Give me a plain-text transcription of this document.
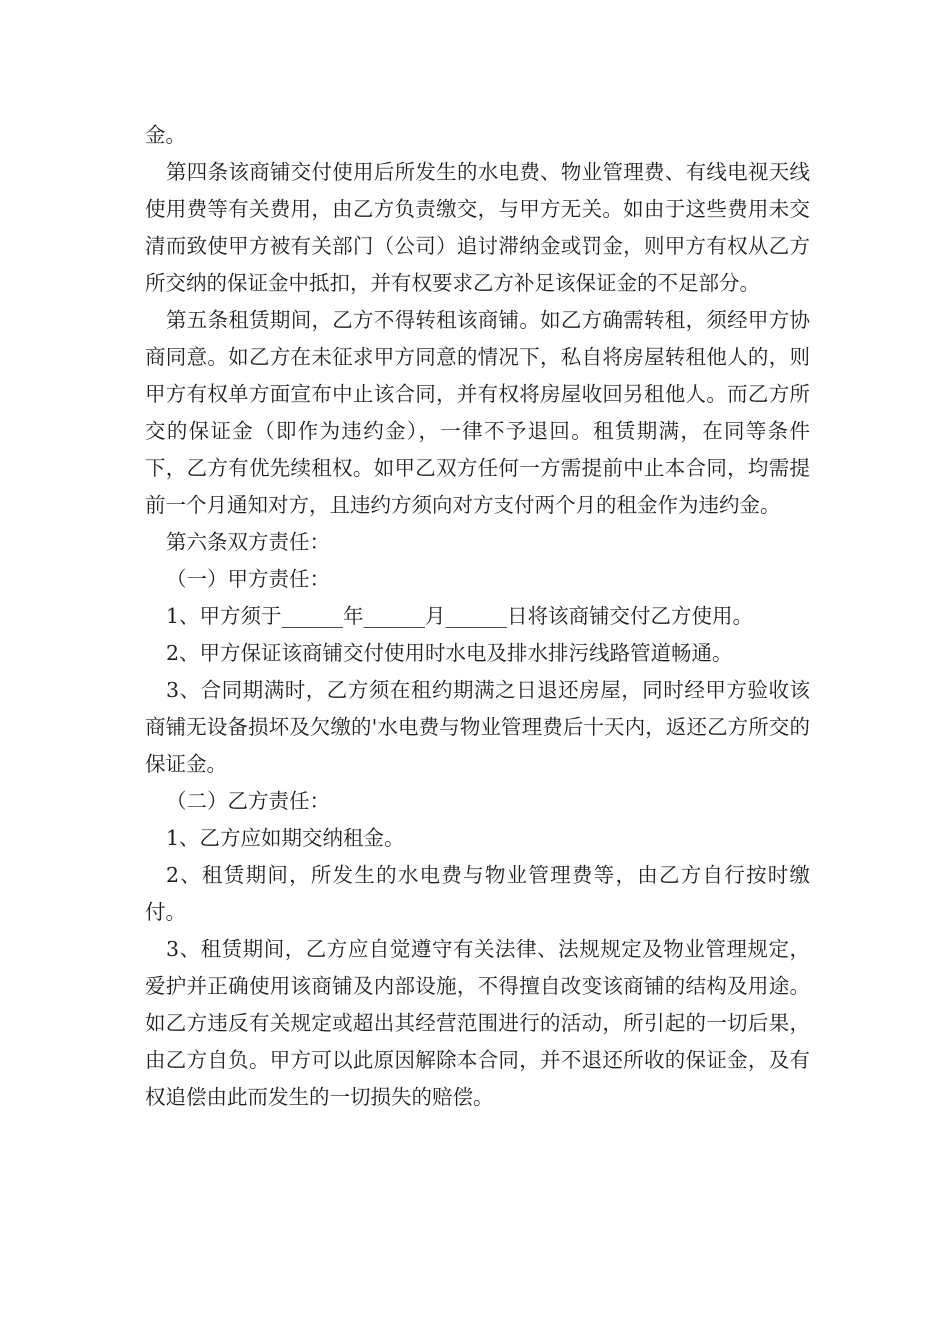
金。

第四条该商铺交付使用后所发生的水电费、物业管理费、有线电视天线使用费等有关费用，由乙方负责缴交，与甲方无关。如由于这些费用未交清而致使甲方被有关部门（公司）追讨滞纳金或罚金，则甲方有权从乙方所交纳的保证金中抵扣，并有权要求乙方补足该保证金的不足部分。

第五条租赁期间，乙方不得转租该商铺。如乙方确需转租，须经甲方协商同意。如乙方在未征求甲方同意的情况下，私自将房屋转租他人的，则甲方有权单方面宣布中止该合同，并有权将房屋收回另租他人。而乙方所交的保证金（即作为违约金），一律不予退回。租赁期满，在同等条件下，乙方有优先续租权。如甲乙双方任何一方需提前中止本合同，均需提前一个月通知对方，且违约方须向对方支付两个月的租金作为违约金。

第六条双方责任：

（一）甲方责任：

1、甲方须于______年______月______日将该商铺交付乙方使用。

2、甲方保证该商铺交付使用时水电及排水排污线路管道畅通。

3、合同期满时，乙方须在租约期满之日退还房屋，同时经甲方验收该商铺无设备损坏及欠缴的'水电费与物业管理费后十天内，返还乙方所交的保证金。

（二）乙方责任：

1、乙方应如期交纳租金。

2、租赁期间，所发生的水电费与物业管理费等，由乙方自行按时缴付。

3、租赁期间，乙方应自觉遵守有关法律、法规规定及物业管理规定，爱护并正确使用该商铺及内部设施，不得擅自改变该商铺的结构及用途。如乙方违反有关规定或超出其经营范围进行的活动，所引起的一切后果，由乙方自负。甲方可以此原因解除本合同，并不退还所收的保证金，及有权追偿由此而发生的一切损失的赔偿。
